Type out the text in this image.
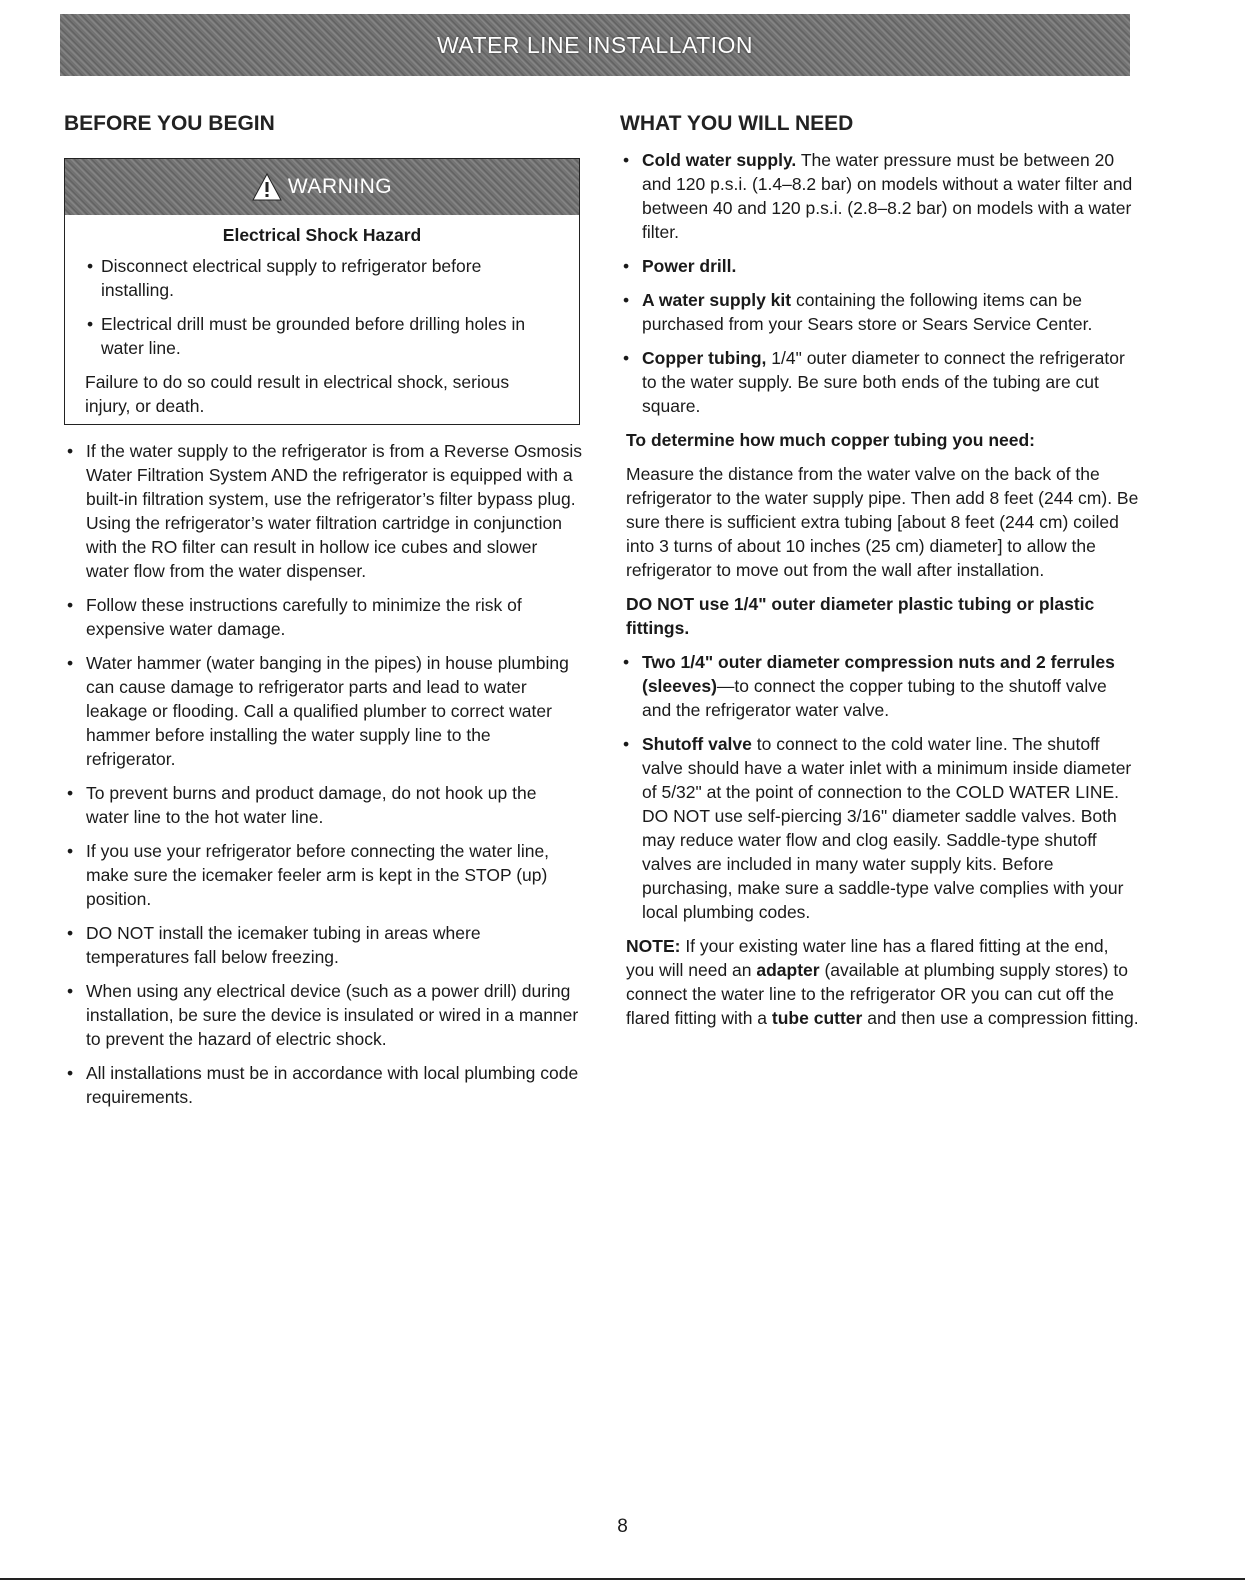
WATER LINE INSTALLATION
BEFORE YOU BEGIN
WARNING
Electrical Shock Hazard
• Disconnect electrical supply to refrigerator before installing.
• Electrical drill must be grounded before drilling holes in water line.
Failure to do so could result in electrical shock, serious injury, or death.
• If the water supply to the refrigerator is from a Reverse Osmosis Water Filtration System AND the refrigerator is equipped with a built-in filtration system, use the refrigerator’s filter bypass plug. Using the refrigerator’s water filtration cartridge in conjunction with the RO filter can result in hollow ice cubes and slower water flow from the water dispenser.
• Follow these instructions carefully to minimize the risk of expensive water damage.
• Water hammer (water banging in the pipes) in house plumbing can cause damage to refrigerator parts and lead to water leakage or flooding. Call a qualified plumber to correct water hammer before installing the water supply line to the refrigerator.
• To prevent burns and product damage, do not hook up the water line to the hot water line.
• If you use your refrigerator before connecting the water line, make sure the icemaker feeler arm is kept in the STOP (up) position.
• DO NOT install the icemaker tubing in areas where temperatures fall below freezing.
• When using any electrical device (such as a power drill) during installation, be sure the device is insulated or wired in a manner to prevent the hazard of electric shock.
• All installations must be in accordance with local plumbing code requirements.
WHAT YOU WILL NEED
• Cold water supply. The water pressure must be between 20 and 120 p.s.i. (1.4–8.2 bar) on models without a water filter and between 40 and 120 p.s.i. (2.8–8.2 bar) on models with a water filter.
• Power drill.
• A water supply kit containing the following items can be purchased from your Sears store or Sears Service Center.
• Copper tubing, 1/4" outer diameter to connect the refrigerator to the water supply. Be sure both ends of the tubing are cut square.
To determine how much copper tubing you need:
Measure the distance from the water valve on the back of the refrigerator to the water supply pipe. Then add 8 feet (244 cm). Be sure there is sufficient extra tubing [about 8 feet (244 cm) coiled into 3 turns of about 10 inches (25 cm) diameter] to allow the refrigerator to move out from the wall after installation.
DO NOT use 1/4" outer diameter plastic tubing or plastic fittings.
• Two 1/4" outer diameter compression nuts and 2 ferrules (sleeves)—to connect the copper tubing to the shutoff valve and the refrigerator water valve.
• Shutoff valve to connect to the cold water line. The shutoff valve should have a water inlet with a minimum inside diameter of 5/32" at the point of connection to the COLD WATER LINE. DO NOT use self-piercing 3/16" diameter saddle valves. Both may reduce water flow and clog easily. Saddle-type shutoff valves are included in many water supply kits. Before purchasing, make sure a saddle-type valve complies with your local plumbing codes.
NOTE: If your existing water line has a flared fitting at the end, you will need an adapter (available at plumbing supply stores) to connect the water line to the refrigerator OR you can cut off the flared fitting with a tube cutter and then use a compression fitting.
8
